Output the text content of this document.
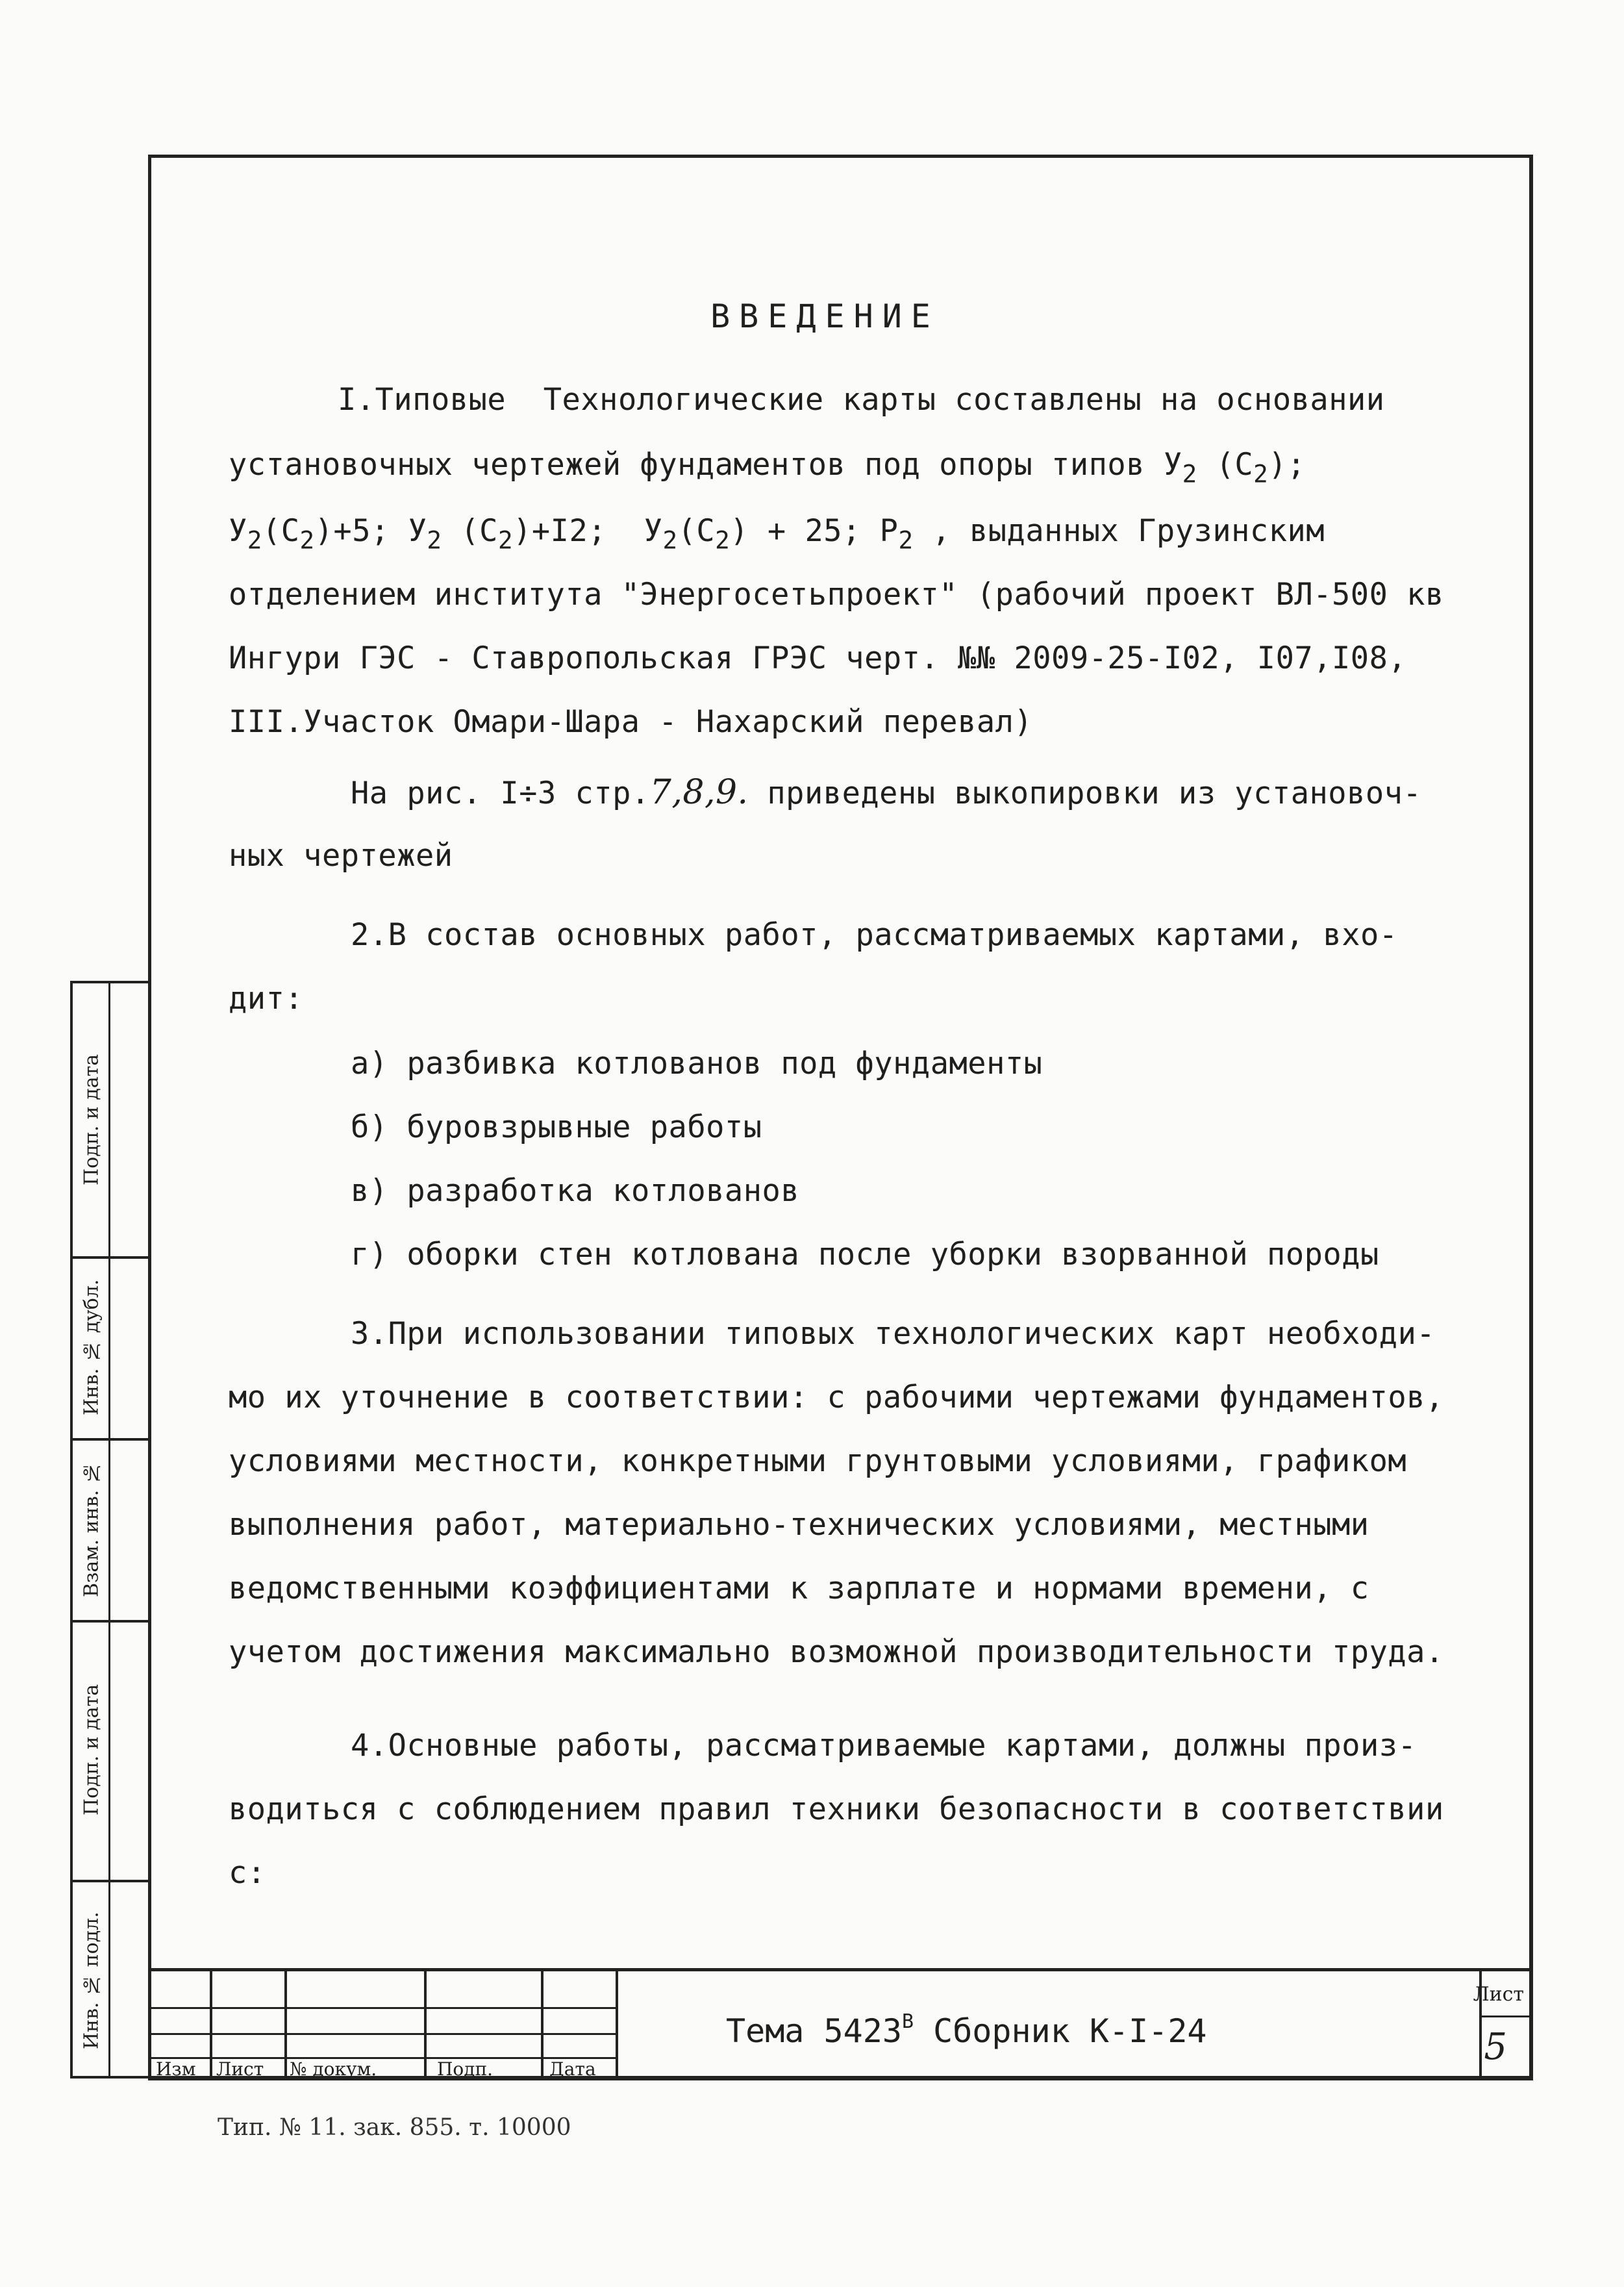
ВВЕДЕНИЕ
I.Типовые  Технологические карты составлены на основании
установочных чертежей фундаментов под опоры типов $У_2$ $(С_2)$;
$У_2(С_2)+5$; $У_2$ $(С_2)+I2$;  $У_2(С_2) + 25$; $Р_2$ , выданных Грузинским
отделением института "Энергосетьпроект" (рабочий проект ВЛ-500 кв
Ингури ГЭС - Ставропольская ГРЭС черт. №№ 2009-25-I02, I07,I08,
III.Участок Омари-Шара - Нахарский перевал)
На рис. I÷3 стр.7,8,9. приведены выкопировки из установоч-
ных чертежей
2.В состав основных работ, рассматриваемых картами, вхо-
дит:
а) разбивка котлованов под фундаменты
б) буровзрывные работы
в) разработка котлованов
г) оборки стен котлована после уборки взорванной породы
3.При использовании типовых технологических карт необходи-
мо их уточнение в соответствии: с рабочими чертежами фундаментов,
условиями местности, конкретными грунтовыми условиями, графиком
выполнения работ, материально-технических условиями, местными
ведомственными коэффициентами к зарплате и нормами времени, с
учетом достижения максимально возможной производительности труда.
4.Основные работы, рассматриваемые картами, должны произ-
водиться с соблюдением правил техники безопасности в соответствии
с:
Подп. и дата
Инв. № дубл.
Взам. инв. №
Подп. и дата
Инв. № подл.
Изм Лист № докум.	Подп.	Дата
Тема $5423^В$ Сборник К-I-24
Лист
5
Тип. № 11. зак. 855. т. 10000
